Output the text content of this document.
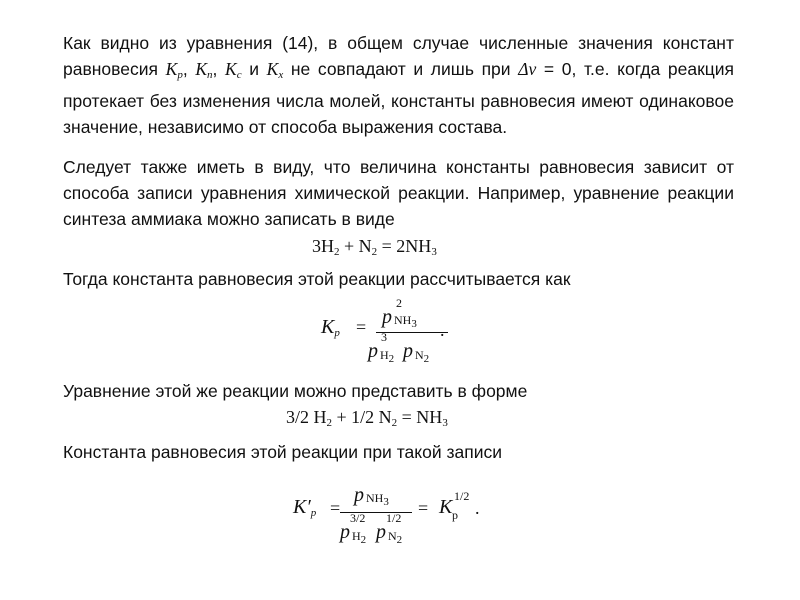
Как видно из уравнения (14), в общем случае численные значения констант равновесия $K_p$, $K_n$, $K_c$ и $K_x$ не совпадают и лишь при Δν = 0, т.е. когда реакция протекает без изменения числа молей, константы равновесия имеют одинаковое значение, независимо от способа выражения состава.
Следует также иметь в виду, что величина константы равновесия зависит от способа записи уравнения химической реакции. Например, уравнение реакции синтеза аммиака можно записать в виде
$3H_2 + N_2 = 2NH_3$
Тогда константа равновесия этой реакции рассчитывается как
$K_p = p$
2
$NH_3$
p
3
$H_2$ p $N_2$
.
Уравнение этой же реакции можно представить в форме
3/2 $H_2 + 1/2$ $N_2 = NH_3$
Константа равновесия этой реакции при такой записи
$K'_p$ =
p $NH_3$
p
3/2
$H_2$ p
1/2
$N_2$
= K p
1/2
.
